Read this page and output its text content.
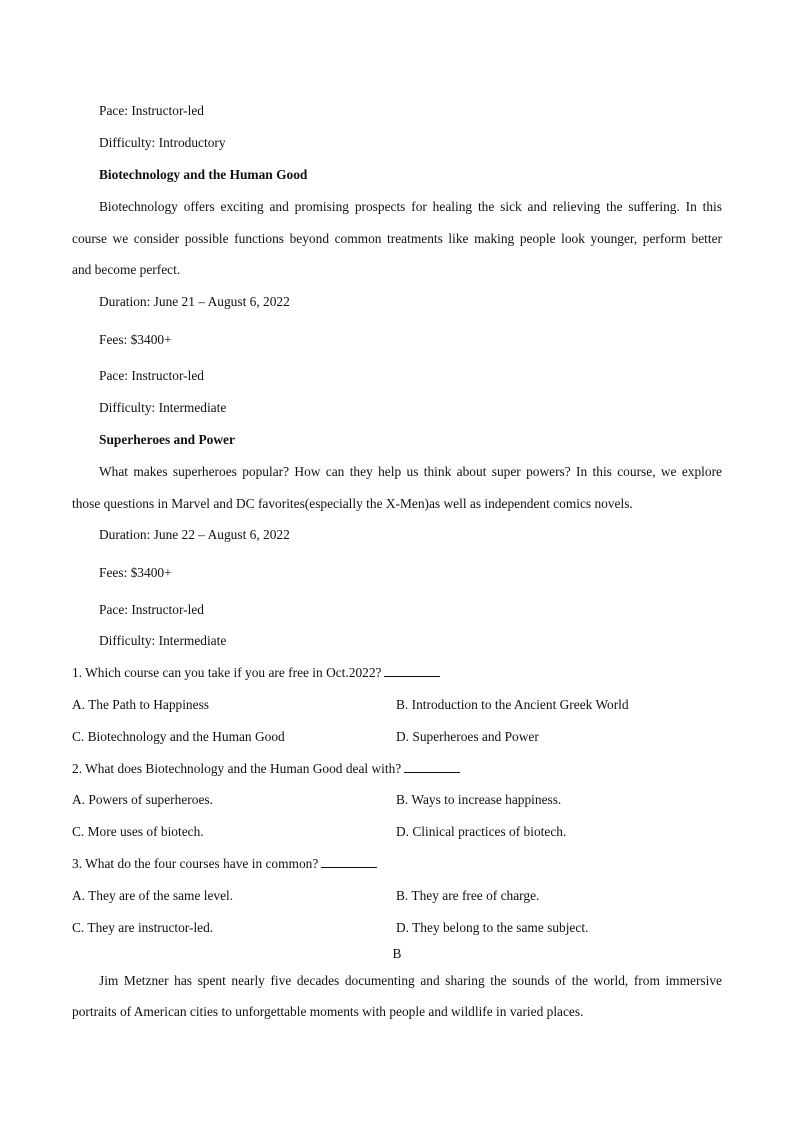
Pace: Instructor-led
Difficulty: Introductory
Biotechnology and the Human Good
Biotechnology offers exciting and promising prospects for healing the sick and relieving the suffering. In this
course we consider possible functions beyond common treatments like making people look younger, perform better
and become perfect.
Duration: June 21 – August 6, 2022
Fees: $3400+
Pace: Instructor-led
Difficulty: Intermediate
Superheroes and Power
What makes superheroes popular? How can they help us think about super powers? In this course, we explore
those questions in Marvel and DC favorites(especially the X-Men)as well as independent comics novels.
Duration: June 22 – August 6, 2022
Fees: $3400+
Pace: Instructor-led
Difficulty: Intermediate
1. Which course can you take if you are free in Oct.2022?
A. The Path to Happiness	B. Introduction to the Ancient Greek World
C. Biotechnology and the Human Good	D. Superheroes and Power
2. What does Biotechnology and the Human Good deal with?
A. Powers of superheroes.	B. Ways to increase happiness.
C. More uses of biotech.	D. Clinical practices of biotech.
3. What do the four courses have in common?
A. They are of the same level.	B. They are free of charge.
C. They are instructor-led.	D. They belong to the same subject.
B
Jim Metzner has spent nearly five decades documenting and sharing the sounds of the world, from immersive
portraits of American cities to unforgettable moments with people and wildlife in varied places.
